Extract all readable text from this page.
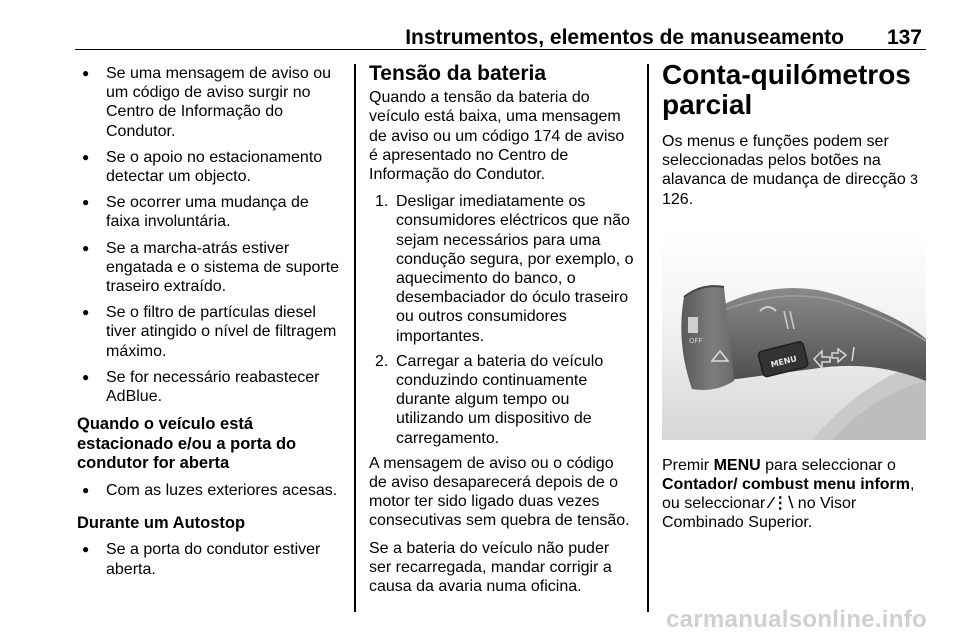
Instrumentos, elementos de manuseamento 137
● Se uma mensagem de aviso ou um código de aviso surgir no Centro de Informação do Condutor.
● Se o apoio no estacionamento detectar um objecto.
● Se ocorrer uma mudança de faixa involuntária.
● Se a marcha-atrás estiver engatada e o sistema de suporte traseiro extraído.
● Se o filtro de partículas diesel tiver atingido o nível de filtragem máximo.
● Se for necessário reabastecer AdBlue.
Quando o veículo está estacionado e/ou a porta do condutor for aberta
● Com as luzes exteriores acesas.
Durante um Autostop
● Se a porta do condutor estiver aberta.
Tensão da bateria

Quando a tensão da bateria do veículo está baixa, uma mensagem de aviso ou um código 174 de aviso é apresentado no Centro de Informação do Condutor.

1. Desligar imediatamente os consumidores eléctricos que não sejam necessários para uma condução segura, por exemplo, o aquecimento do banco, o desembaciador do óculo traseiro ou outros consumidores importantes.
2. Carregar a bateria do veículo conduzindo continuamente durante algum tempo ou utilizando um dispositivo de carregamento.

A mensagem de aviso ou o código de aviso desaparecerá depois de o motor ter sido ligado duas vezes consecutivas sem quebra de tensão.

Se a bateria do veículo não puder ser recarregada, mandar corrigir a causa da avaria numa oficina.

Conta-quilómetros parcial

Os menus e funções podem ser seleccionadas pelos botões na alavanca de mudança de direcção 3 126.

OFF
MENU

Premir MENU para seleccionar o Contador/ combust menu inform, ou seleccionar ⁄⋮⧵ no Visor Combinado Superior.

carmanualsonline.info
